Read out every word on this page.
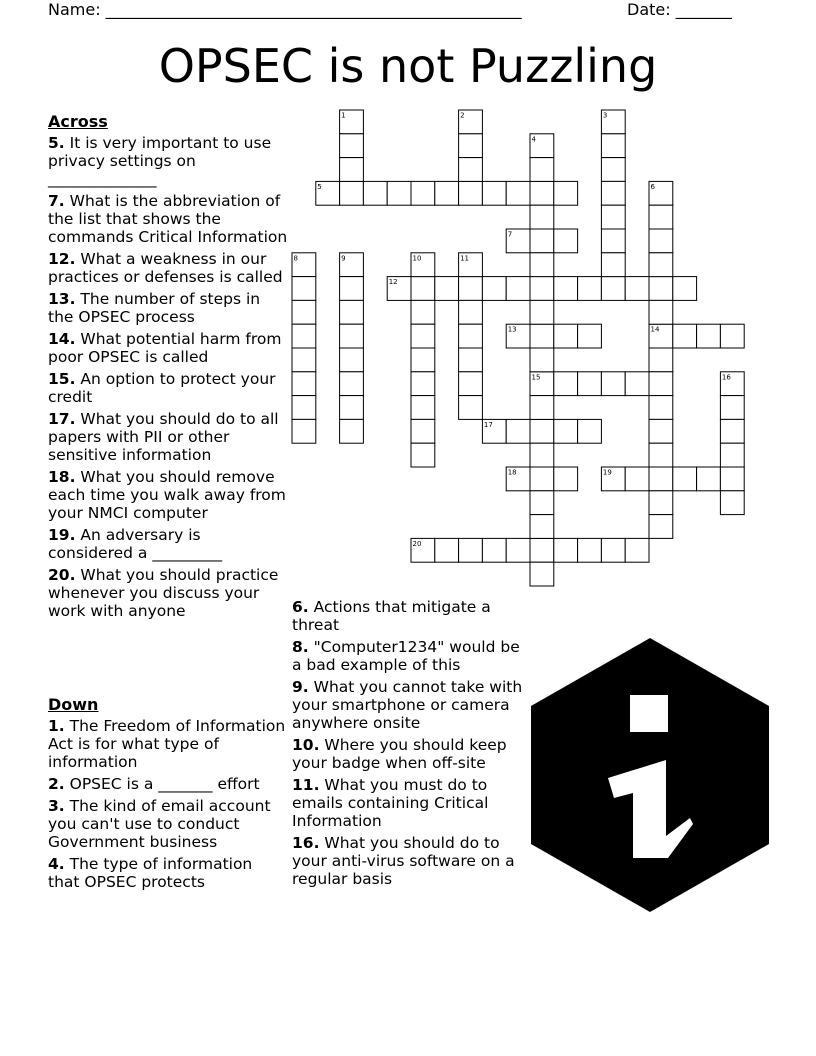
Name: ____________________________________________________	Date: _______
OPSEC is not Puzzling
Across
5. It is very important to use privacy settings on ______________
7. What is the abbreviation of the list that shows the commands Critical Information
12. What a weakness in our practices or defenses is called
13. The number of steps in the OPSEC process
14. What potential harm from poor OPSEC is called
15. An option to protect your credit
17. What you should do to all papers with PII or other sensitive information
18. What you should remove each time you walk away from your NMCI computer
19. An adversary is considered a _________
20. What you should practice whenever you discuss your work with anyone
Down
1. The Freedom of Information Act is for what type of information
2. OPSEC is a _______ effort
3. The kind of email account you can't use to conduct Government business
4. The type of information that OPSEC protects
6. Actions that mitigate a threat
8. "Computer1234" would be a bad example of this
9. What you cannot take with your smartphone or camera anywhere onsite
10. Where you should keep your badge when off-site
11. What you must do to emails containing Critical Information
16. What you should do to your anti-virus software on a regular basis
1	2	3
4
5	6
7
8	9	10	11
12
13	14
15	16
17
18	19
20
